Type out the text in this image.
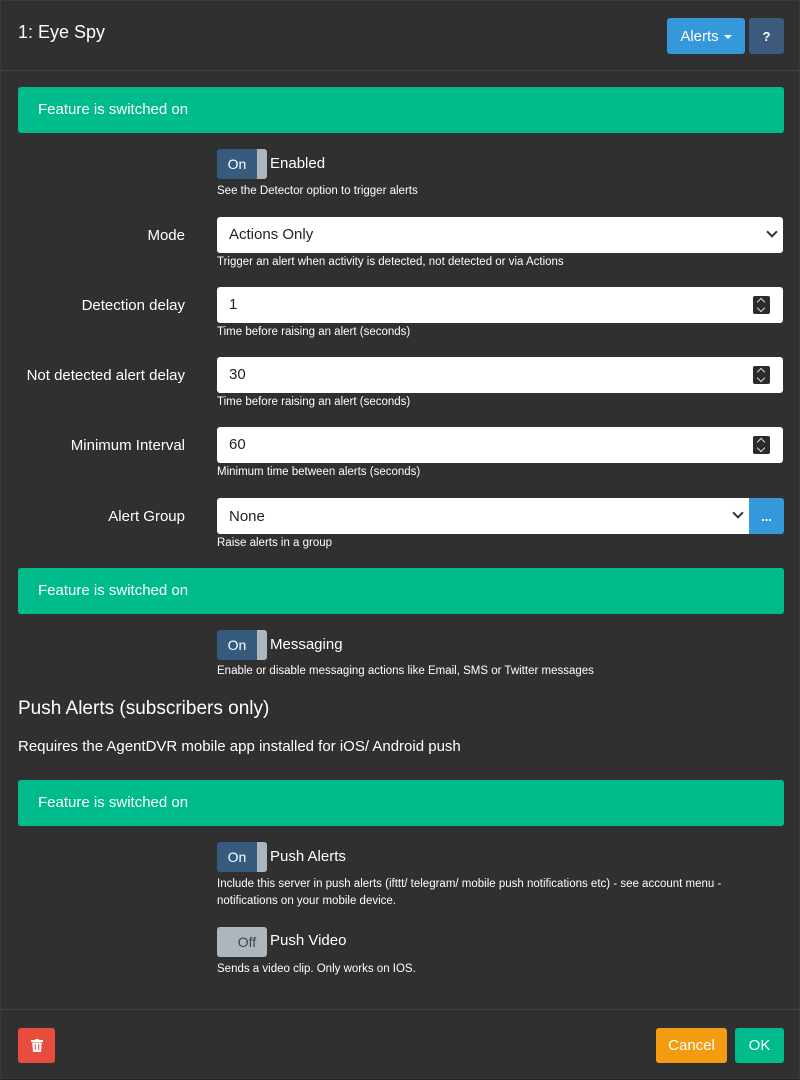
1: Eye Spy	Alerts	?
Feature is switched on
On	Enabled
See the Detector option to trigger alerts
Mode	Actions Only
Trigger an alert when activity is detected, not detected or via Actions
Detection delay	1
Time before raising an alert (seconds)
Not detected alert delay	30
Time before raising an alert (seconds)
Minimum Interval	60
Minimum time between alerts (seconds)
Alert Group	None	...
Raise alerts in a group
Feature is switched on
On	Messaging
Enable or disable messaging actions like Email, SMS or Twitter messages
Push Alerts (subscribers only)
Requires the AgentDVR mobile app installed for iOS/ Android push
Feature is switched on
On	Push Alerts
Include this server in push alerts (ifttt/ telegram/ mobile push notifications etc) - see account menu - notifications on your mobile device.
Off Push Video
Sends a video clip. Only works on IOS.
Cancel	OK
